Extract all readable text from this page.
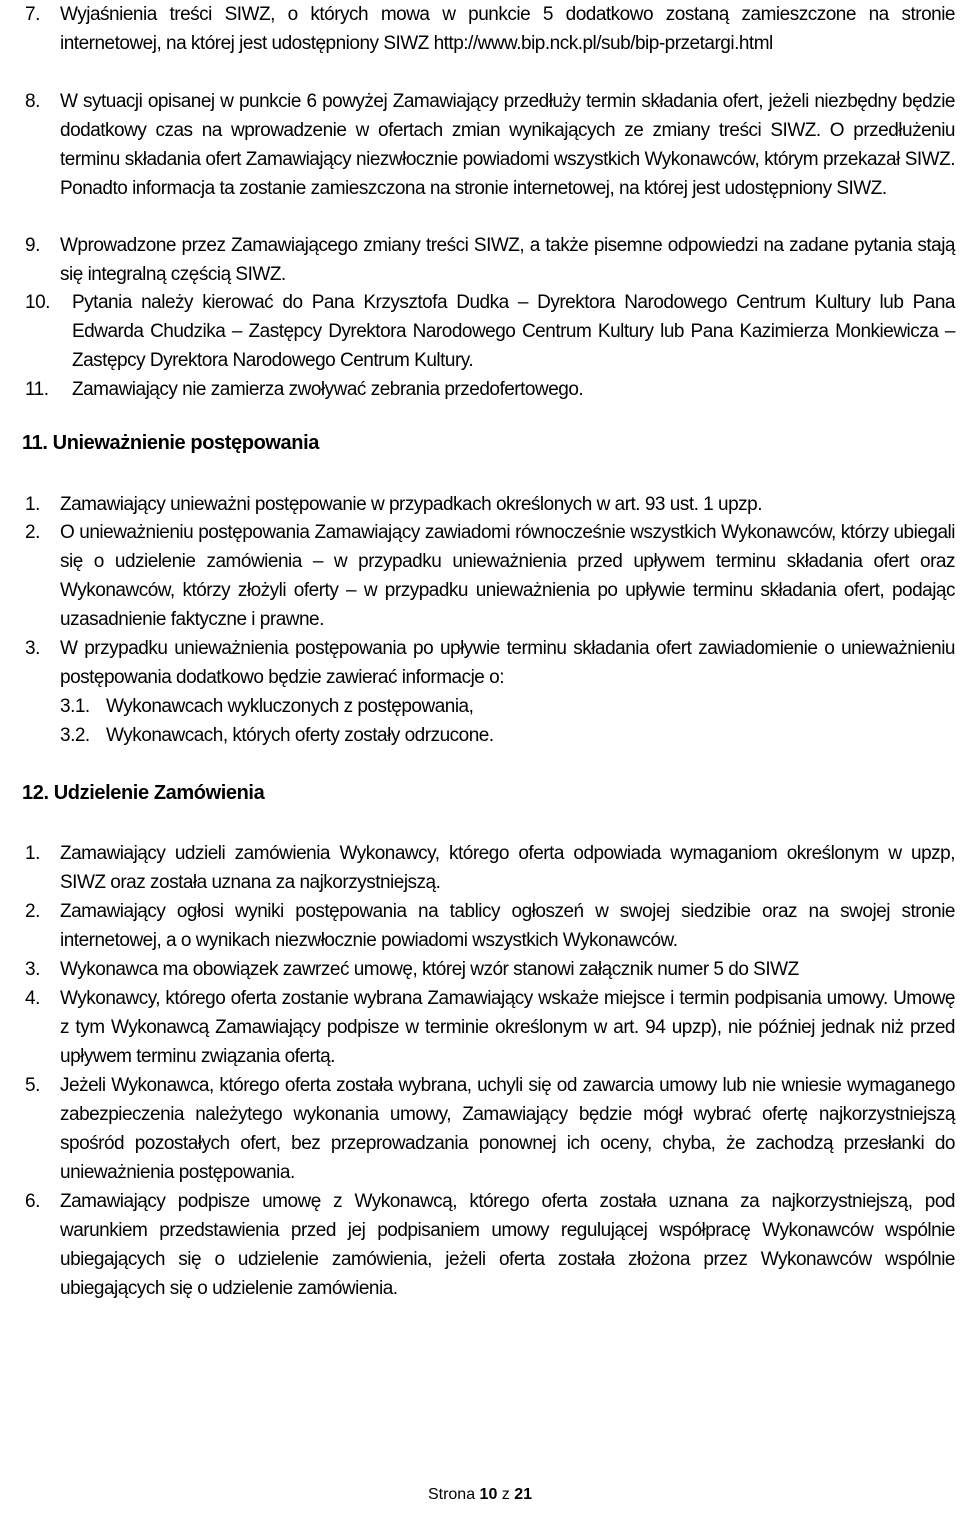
7.	Wyjaśnienia treści SIWZ, o których mowa w punkcie 5 dodatkowo zostaną zamieszczone na stronie internetowej, na której jest udostępniony SIWZ http://www.bip.nck.pl/sub/bip-przetargi.html
8.	W sytuacji opisanej w punkcie 6 powyżej Zamawiający przedłuży termin składania ofert, jeżeli niezbędny będzie dodatkowy czas na wprowadzenie w ofertach zmian wynikających ze zmiany treści SIWZ. O przedłużeniu terminu składania ofert Zamawiający niezwłocznie powiadomi wszystkich Wykonawców, którym przekazał SIWZ. Ponadto informacja ta zostanie zamieszczona na stronie internetowej, na której jest udostępniony SIWZ.
9.	Wprowadzone przez Zamawiającego zmiany treści SIWZ, a także pisemne odpowiedzi na zadane pytania stają się integralną częścią SIWZ.
10.	Pytania należy kierować do Pana Krzysztofa Dudka – Dyrektora Narodowego Centrum Kultury lub Pana Edwarda Chudzika – Zastępcy Dyrektora Narodowego Centrum Kultury lub Pana Kazimierza Monkiewicza – Zastępcy Dyrektora Narodowego Centrum Kultury.
11.	Zamawiający nie zamierza zwoływać zebrania przedofertowego.
11. Unieważnienie postępowania
1.	Zamawiający unieważni postępowanie w przypadkach określonych w art. 93 ust. 1 upzp.
2.	O unieważnieniu postępowania Zamawiający zawiadomi równocześnie wszystkich Wykonawców, którzy ubiegali się o udzielenie zamówienia – w przypadku unieważnienia przed upływem terminu składania ofert oraz Wykonawców, którzy złożyli oferty – w przypadku unieważnienia po upływie terminu składania ofert, podając uzasadnienie faktyczne i prawne.
3.	W przypadku unieważnienia postępowania po upływie terminu składania ofert zawiadomienie o unieważnieniu postępowania dodatkowo będzie zawierać informacje o:
3.1. Wykonawcach wykluczonych z postępowania,
3.2. Wykonawcach, których oferty zostały odrzucone.
12. Udzielenie Zamówienia
1.	Zamawiający udzieli zamówienia Wykonawcy, którego oferta odpowiada wymaganiom określonym w upzp, SIWZ oraz została uznana za najkorzystniejszą.
2.	Zamawiający ogłosi wyniki postępowania na tablicy ogłoszeń w swojej siedzibie oraz na swojej stronie internetowej, a o wynikach niezwłocznie powiadomi wszystkich Wykonawców.
3.	Wykonawca ma obowiązek zawrzeć umowę, której wzór stanowi załącznik numer 5 do SIWZ
4.	Wykonawcy, którego oferta zostanie wybrana Zamawiający wskaże miejsce i termin podpisania umowy. Umowę z tym Wykonawcą Zamawiający podpisze w terminie określonym w art. 94 upzp), nie później jednak niż przed upływem terminu związania ofertą.
5.	Jeżeli Wykonawca, którego oferta została wybrana, uchyli się od zawarcia umowy lub nie wniesie wymaganego zabezpieczenia należytego wykonania umowy, Zamawiający będzie mógł wybrać ofertę najkorzystniejszą spośród pozostałych ofert, bez przeprowadzania ponownej ich oceny, chyba, że zachodzą przesłanki do unieważnienia postępowania.
6.	Zamawiający podpisze umowę z Wykonawcą, którego oferta została uznana za najkorzystniejszą, pod warunkiem przedstawienia przed jej podpisaniem umowy regulującej współpracę Wykonawców wspólnie ubiegających się o udzielenie zamówienia, jeżeli oferta została złożona przez Wykonawców wspólnie ubiegających się o udzielenie zamówienia.
Strona 10 z 21
